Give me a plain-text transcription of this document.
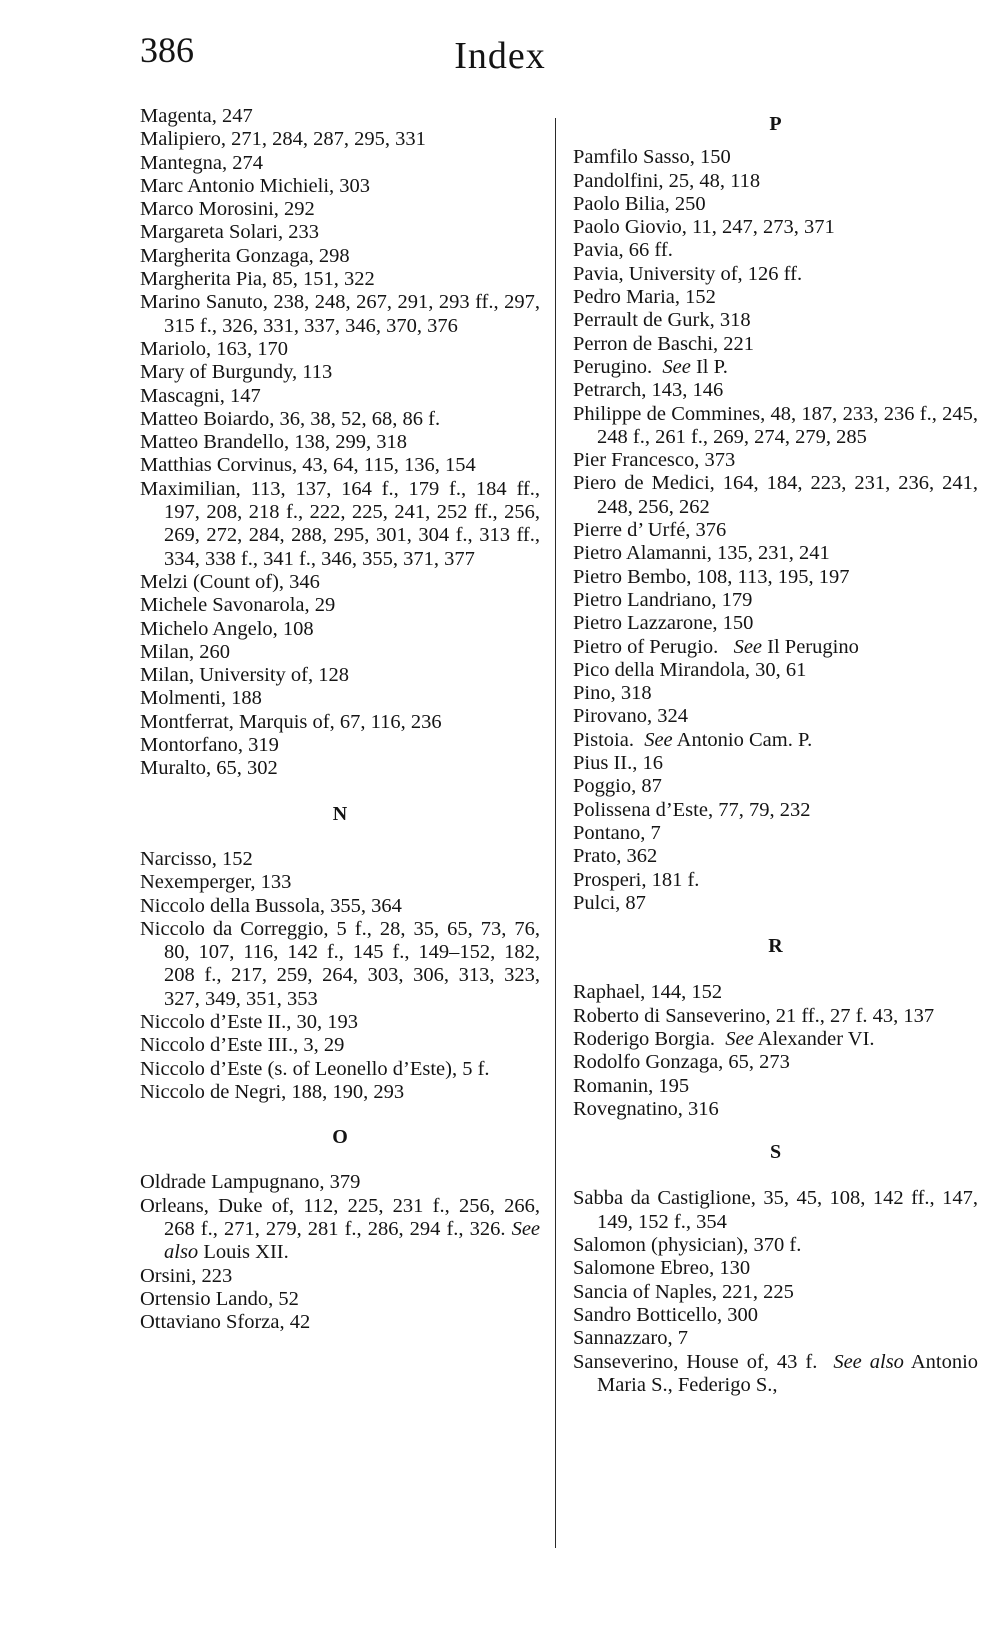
386	Index

Magenta, 247

Malipiero, 271, 284, 287, 295, 331

Mantegna, 274

Marc Antonio Michieli, 303

Marco Morosini, 292

Margareta Solari, 233

Margherita Gonzaga, 298

Margherita Pia, 85, 151, 322

Marino Sanuto, 238, 248, 267, 291, 293 ff., 297, 315 f., 326, 331, 337, 346, 370, 376

Mariolo, 163, 170

Mary of Burgundy, 113

Mascagni, 147

Matteo Boiardo, 36, 38, 52, 68, 86 f.

Matteo Brandello, 138, 299, 318

Matthias Corvinus, 43, 64, 115, 136, 154

Maximilian, 113, 137, 164 f., 179 f., 184 ff., 197, 208, 218 f., 222, 225, 241, 252 ff., 256, 269, 272, 284, 288, 295, 301, 304 f., 313 ff., 334, 338 f., 341 f., 346, 355, 371, 377

Melzi (Count of), 346

Michele Savonarola, 29

Michelo Angelo, 108

Milan, 260

Milan, University of, 128

Molmenti, 188

Montferrat, Marquis of, 67, 116, 236

Montorfano, 319

Muralto, 65, 302

N

Narcisso, 152

Nexemperger, 133

Niccolo della Bussola, 355, 364

Niccolo da Correggio, 5 f., 28, 35, 65, 73, 76, 80, 107, 116, 142 f., 145 f., 149–152, 182, 208 f., 217, 259, 264, 303, 306, 313, 323, 327, 349, 351, 353

Niccolo d’Este II., 30, 193

Niccolo d’Este III., 3, 29

Niccolo d’Este (s. of Leonello d’Este), 5 f.

Niccolo de Negri, 188, 190, 293

O

Oldrade Lampugnano, 379

Orleans, Duke of, 112, 225, 231 f., 256, 266, 268 f., 271, 279, 281 f., 286, 294 f., 326. See also Louis XII.

Orsini, 223

Ortensio Lando, 52

Ottaviano Sforza, 42

P

Pamfilo Sasso, 150

Pandolfini, 25, 48, 118

Paolo Bilia, 250

Paolo Giovio, 11, 247, 273, 371

Pavia, 66 ff.

Pavia, University of, 126 ff.

Pedro Maria, 152

Perrault de Gurk, 318

Perron de Baschi, 221

Perugino. See Il P.

Petrarch, 143, 146

Philippe de Commines, 48, 187, 233, 236 f., 245, 248 f., 261 f., 269, 274, 279, 285

Pier Francesco, 373

Piero de Medici, 164, 184, 223, 231, 236, 241, 248, 256, 262

Pierre d’ Urfé, 376

Pietro Alamanni, 135, 231, 241

Pietro Bembo, 108, 113, 195, 197

Pietro Landriano, 179

Pietro Lazzarone, 150

Pietro of Perugio. See Il Perugino

Pico della Mirandola, 30, 61

Pino, 318

Pirovano, 324

Pistoia. See Antonio Cam. P.

Pius II., 16

Poggio, 87

Polissena d’Este, 77, 79, 232

Pontano, 7

Prato, 362

Prosperi, 181 f.

Pulci, 87

R

Raphael, 144, 152

Roberto di Sanseverino, 21 ff., 27 f. 43, 137

Roderigo Borgia. See Alexander VI.

Rodolfo Gonzaga, 65, 273

Romanin, 195

Rovegnatino, 316

S

Sabba da Castiglione, 35, 45, 108, 142 ff., 147, 149, 152 f., 354

Salomon (physician), 370 f.

Salomone Ebreo, 130

Sancia of Naples, 221, 225

Sandro Botticello, 300

Sannazzaro, 7

Sanseverino, House of, 43 f. See also Antonio Maria S., Federigo S.,
